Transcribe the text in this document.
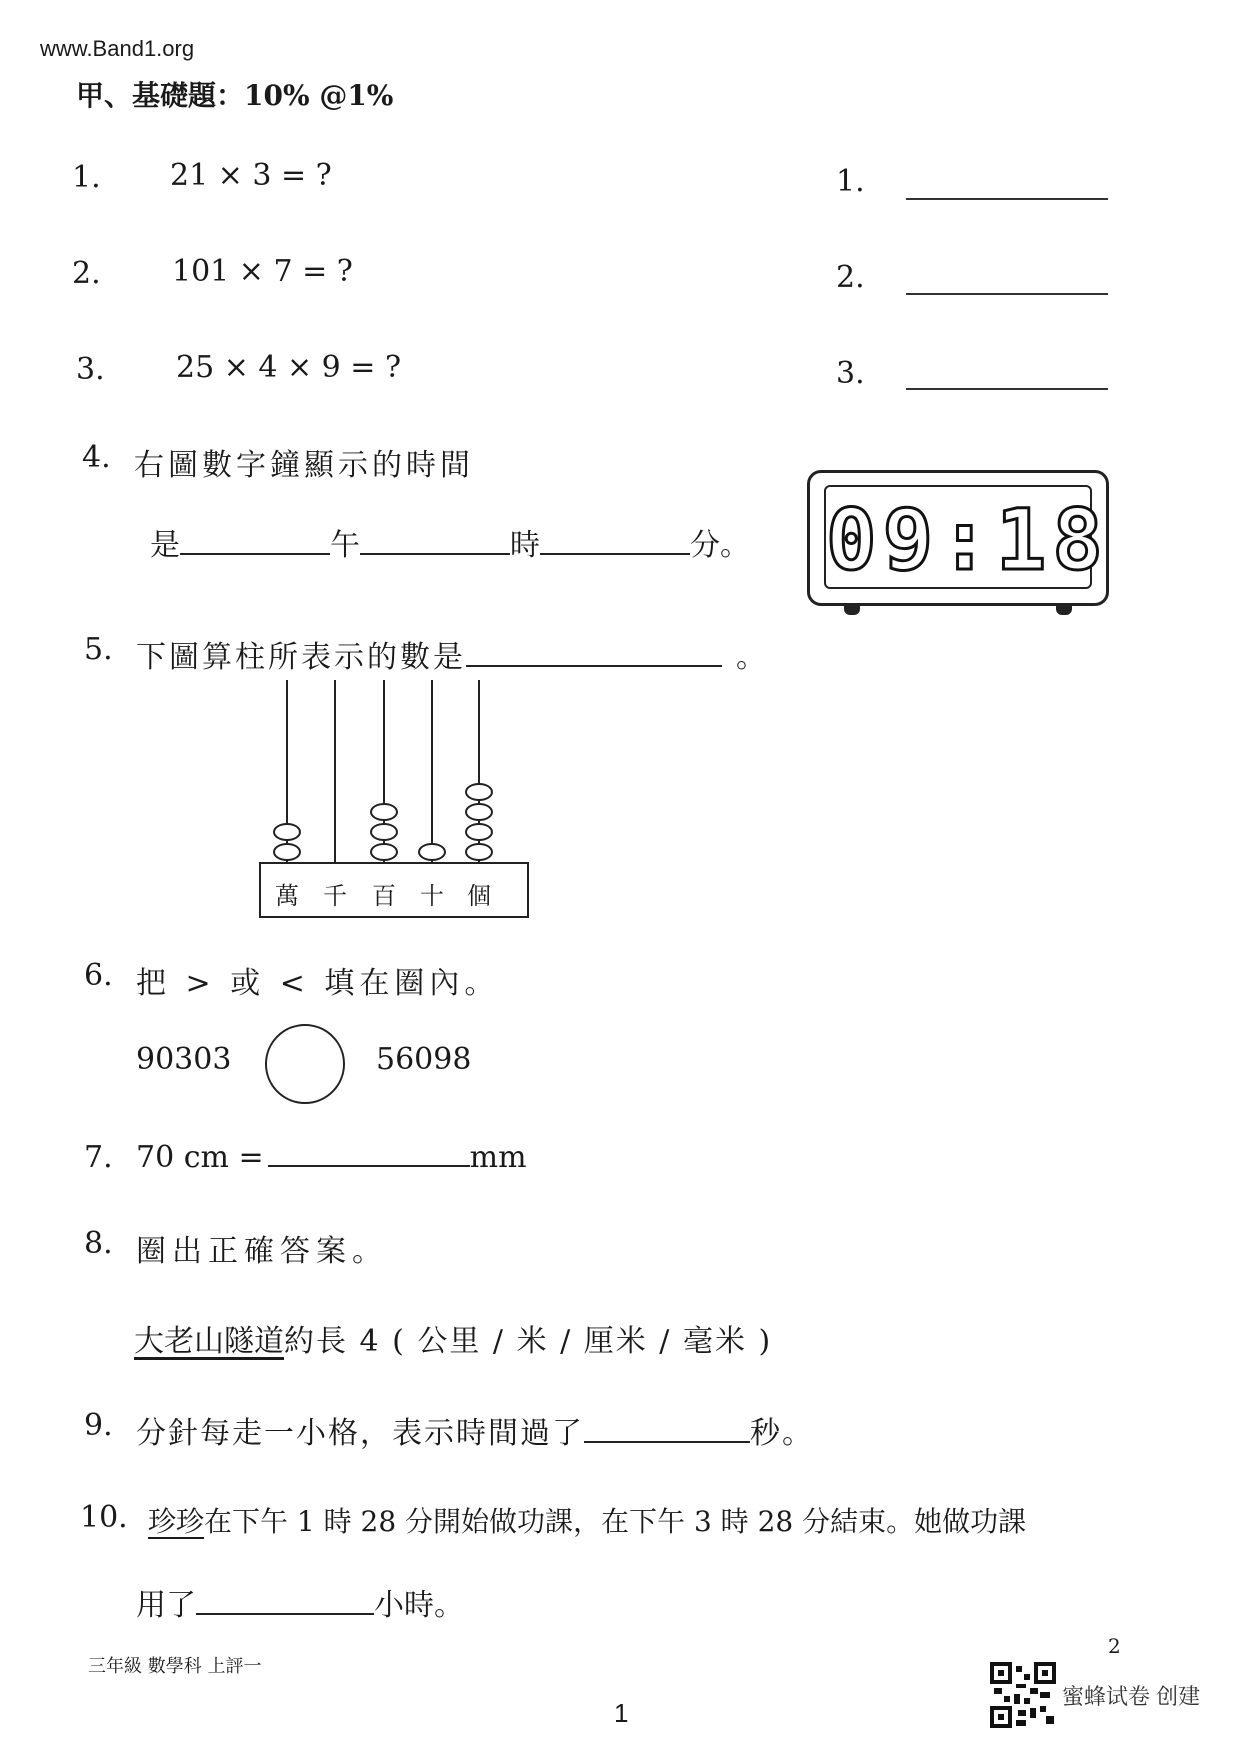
www.Band1.org
甲、基礎題：10% @1%
1. 21 × 3 = ?	1.
2. 101 × 7 = ?	2.
3. 25 × 4 × 9 = ?	3.
4. 右圖數字鐘顯示的時間
是	午	時	分。 09:18
5. 下圖算柱所表示的數是	。
萬 千 百 十 個
6. 把 > 或 < 填在圈內。
90303	56098
7. 70 cm =	mm
8. 圈出正確答案。
大老山隧道約長 4 ( 公里 / 米 / 厘米 / 毫米 )
9. 分針每走一小格，表示時間過了	秒。
10. 珍珍在下午 1 時 28 分開始做功課，在下午 3 時 28 分結束。她做功課
用了	小時。
三年級 數學科 上評一
2
1
蜜蜂试卷 创建
